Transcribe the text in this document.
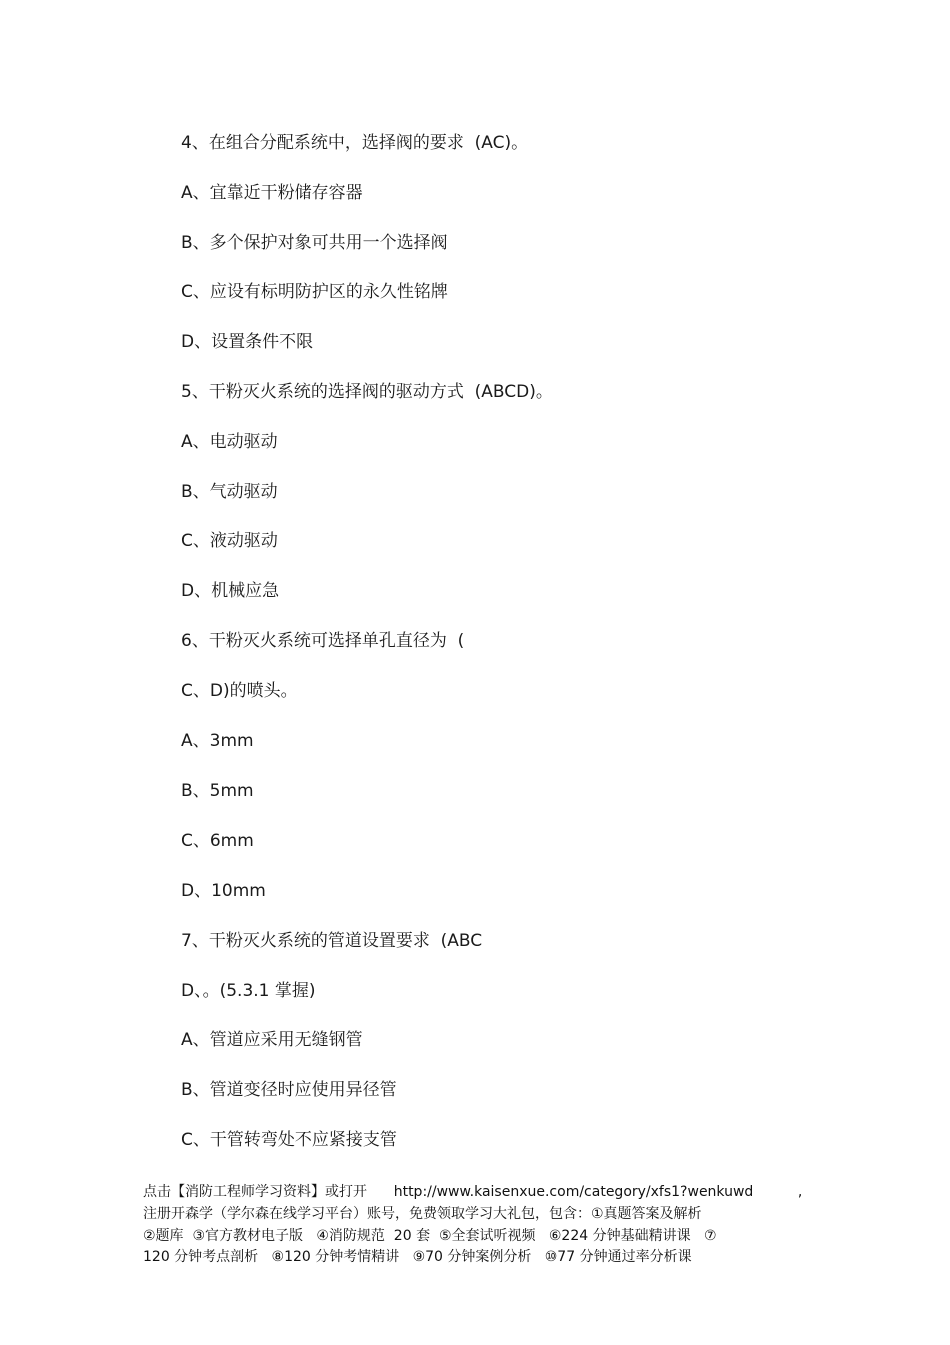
4、在组合分配系统中，选择阀的要求  (AC)。
A、宜靠近干粉储存容器
B、多个保护对象可共用一个选择阀
C、应设有标明防护区的永久性铭牌
D、设置条件不限
5、干粉灭火系统的选择阀的驱动方式  (ABCD)。
A、电动驱动
B、气动驱动
C、液动驱动
D、机械应急
6、干粉灭火系统可选择单孔直径为  (
C、D)的喷头。
A、3mm
B、5mm
C、6mm
D、10mm
7、干粉灭火系统的管道设置要求  (ABC
D、。(5.3.1 掌握)
A、管道应采用无缝钢管
B、管道变径时应使用异径管
C、干管转弯处不应紧接支管
点击【消防工程师学习资料】或打开      http://www.kaisenxue.com/category/xfs1?wenkuwd          ,
注册开森学（学尔森在线学习平台）账号，免费领取学习大礼包，包含：①真题答案及解析
②题库  ③官方教材电子版   ④消防规范  20 套  ⑤全套试听视频   ⑥224 分钟基础精讲课   ⑦
120 分钟考点剖析   ⑧120 分钟考情精讲   ⑨70 分钟案例分析   ⑩77 分钟通过率分析课
